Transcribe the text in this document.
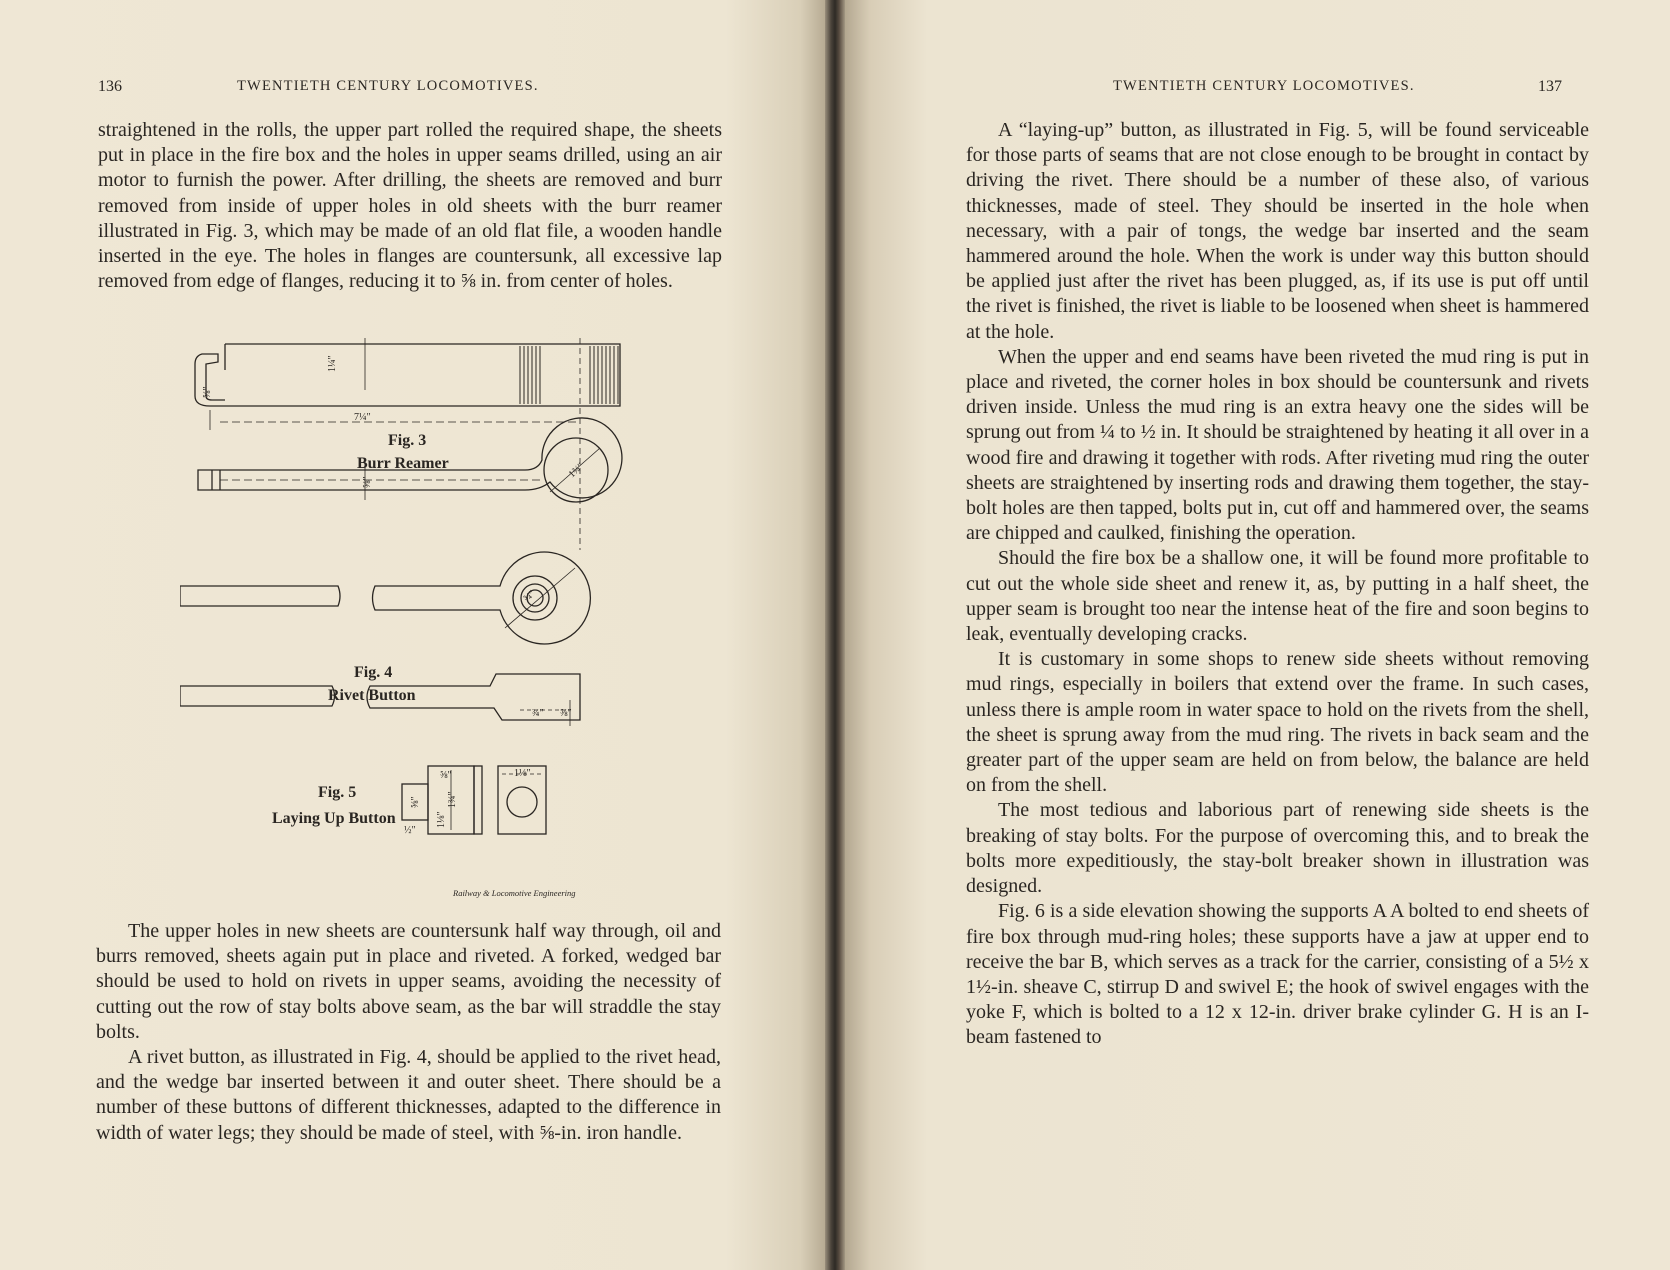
136	TWENTIETH CENTURY LOCOMOTIVES.

straightened in the rolls, the upper part rolled the required shape, the sheets put in place in the fire box and the holes in upper seams drilled, using an air motor to furnish the power. After drilling, the sheets are removed and burr removed from inside of upper holes in old sheets with the burr reamer illustrated in Fig. 3, which may be made of an old flat file, a wooden handle inserted in the eye. The holes in flanges are countersunk, all excessive lap removed from edge of flanges, reducing it to ⅝ in. from center of holes.

1¼″
7¼″
⅝″
⅝″
1¾″
¾″
¾″ ⅝″
1¾″
⅝″
½″
1⅛″
⅝″
1⅛″
Fig. 3
Burr Reamer
Fig. 4
Rivet Button
Fig. 5
Laying Up Button
Railway & Locomotive Engineering

The upper holes in new sheets are countersunk half way through, oil and burrs removed, sheets again put in place and riveted. A forked, wedged bar should be used to hold on rivets in upper seams, avoiding the necessity of cutting out the row of stay bolts above seam, as the bar will straddle the stay bolts.

A rivet button, as illustrated in Fig. 4, should be applied to the rivet head, and the wedge bar inserted between it and outer sheet. There should be a number of these buttons of different thicknesses, adapted to the difference in width of water legs; they should be made of steel, with ⅝-in. iron handle.

TWENTIETH CENTURY LOCOMOTIVES.	137

A “laying-up” button, as illustrated in Fig. 5, will be found serviceable for those parts of seams that are not close enough to be brought in contact by driving the rivet. There should be a number of these also, of various thicknesses, made of steel. They should be inserted in the hole when necessary, with a pair of tongs, the wedge bar inserted and the seam hammered around the hole. When the work is under way this button should be applied just after the rivet has been plugged, as, if its use is put off until the rivet is finished, the rivet is liable to be loosened when sheet is hammered at the hole.

When the upper and end seams have been riveted the mud ring is put in place and riveted, the corner holes in box should be countersunk and rivets driven inside. Unless the mud ring is an extra heavy one the sides will be sprung out from ¼ to ½ in. It should be straightened by heating it all over in a wood fire and drawing it together with rods. After riveting mud ring the outer sheets are straightened by inserting rods and drawing them together, the stay-bolt holes are then tapped, bolts put in, cut off and hammered over, the seams are chipped and caulked, finishing the operation.

Should the fire box be a shallow one, it will be found more profitable to cut out the whole side sheet and renew it, as, by putting in a half sheet, the upper seam is brought too near the intense heat of the fire and soon begins to leak, eventually developing cracks.

It is customary in some shops to renew side sheets without removing mud rings, especially in boilers that extend over the frame. In such cases, unless there is ample room in water space to hold on the rivets from the shell, the sheet is sprung away from the mud ring. The rivets in back seam and the greater part of the upper seam are held on from below, the balance are held on from the shell.

The most tedious and laborious part of renewing side sheets is the breaking of stay bolts. For the purpose of overcoming this, and to break the bolts more expeditiously, the stay-bolt breaker shown in illustration was designed.

Fig. 6 is a side elevation showing the supports A A bolted to end sheets of fire box through mud-ring holes; these supports have a jaw at upper end to receive the bar B, which serves as a track for the carrier, consisting of a 5½ x 1½-in. sheave C, stirrup D and swivel E; the hook of swivel engages with the yoke F, which is bolted to a 12 x 12-in. driver brake cylinder G. H is an I-beam fastened to
